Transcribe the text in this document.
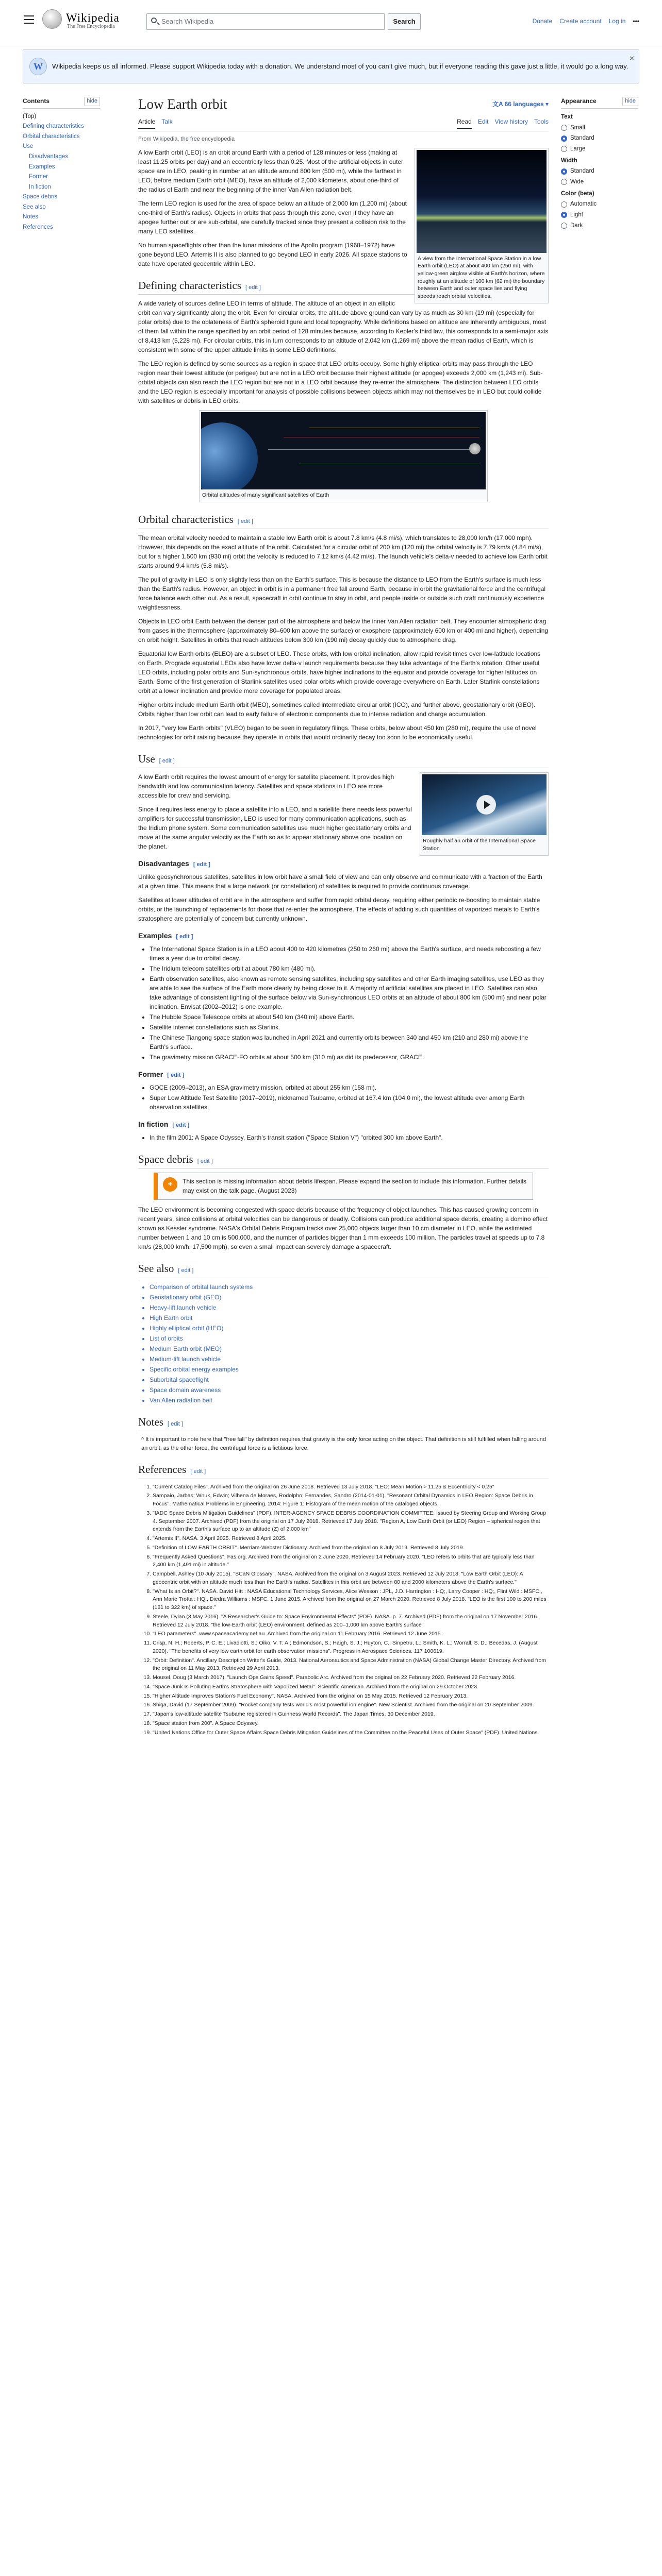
Wikipedia
The Free Encyclopedia
Search Wikipedia	Search	Donate Create account Log in •••
W	Wikipedia keeps us all informed. Please support Wikipedia today with a donation. We understand most of you can’t give much, but if everyone reading this gave just a little, it would go a long way.
✕
Contents	hide
(Top)
Defining characteristics
Orbital characteristics
Use
Disadvantages
Examples
Former
In fiction
Space debris
See also
Notes
References
Appearance	hide
Text
Small
Standard
Large
Width
Standard
Wide
Color (beta)
Automatic
Light
Dark
Low Earth orbit	文A 66 languages ▾
Article Talk	Read Edit View history Tools
From Wikipedia, the free encyclopedia
A view from the International Space Station in a low Earth orbit (LEO) at about 400 km (250 mi), with yellow-green airglow visible at Earth's horizon, where roughly at an altitude of 100 km (62 mi) the boundary between Earth and outer space lies and flying speeds reach orbital velocities.

A low Earth orbit (LEO) is an orbit around Earth with a period of 128 minutes or less (making at least 11.25 orbits per day) and an eccentricity less than 0.25. Most of the artificial objects in outer space are in LEO, peaking in number at an altitude around 800 km (500 mi), while the farthest in LEO, before medium Earth orbit (MEO), have an altitude of 2,000 kilometers, about one-third of the radius of Earth and near the beginning of the inner Van Allen radiation belt.

The term LEO region is used for the area of space below an altitude of 2,000 km (1,200 mi) (about one-third of Earth's radius). Objects in orbits that pass through this zone, even if they have an apogee further out or are sub-orbital, are carefully tracked since they present a collision risk to the many LEO satellites.

No human spaceflights other than the lunar missions of the Apollo program (1968–1972) have gone beyond LEO. Artemis II is also planned to go beyond LEO in early 2026. All space stations to date have operated geocentric within LEO.

Defining characteristics [ edit ]

A wide variety of sources define LEO in terms of altitude. The altitude of an object in an elliptic orbit can vary significantly along the orbit. Even for circular orbits, the altitude above ground can vary by as much as 30 km (19 mi) (especially for polar orbits) due to the oblateness of Earth's spheroid figure and local topography. While definitions based on altitude are inherently ambiguous, most of them fall within the range specified by an orbit period of 128 minutes because, according to Kepler's third law, this corresponds to a semi-major axis of 8,413 km (5,228 mi). For circular orbits, this in turn corresponds to an altitude of 2,042 km (1,269 mi) above the mean radius of Earth, which is consistent with some of the upper altitude limits in some LEO definitions.

The LEO region is defined by some sources as a region in space that LEO orbits occupy. Some highly elliptical orbits may pass through the LEO region near their lowest altitude (or perigee) but are not in a LEO orbit because their highest altitude (or apogee) exceeds 2,000 km (1,243 mi). Sub-orbital objects can also reach the LEO region but are not in a LEO orbit because they re-enter the atmosphere. The distinction between LEO orbits and the LEO region is especially important for analysis of possible collisions between objects which may not themselves be in LEO but could collide with satellites or debris in LEO orbits.

Orbital altitudes of many significant satellites of Earth
Orbital characteristics [ edit ]

The mean orbital velocity needed to maintain a stable low Earth orbit is about 7.8 km/s (4.8 mi/s), which translates to 28,000 km/h (17,000 mph). However, this depends on the exact altitude of the orbit. Calculated for a circular orbit of 200 km (120 mi) the orbital velocity is 7.79 km/s (4.84 mi/s), but for a higher 1,500 km (930 mi) orbit the velocity is reduced to 7.12 km/s (4.42 mi/s). The launch vehicle's delta-v needed to achieve low Earth orbit starts around 9.4 km/s (5.8 mi/s).

The pull of gravity in LEO is only slightly less than on the Earth's surface. This is because the distance to LEO from the Earth's surface is much less than the Earth's radius. However, an object in orbit is in a permanent free fall around Earth, because in orbit the gravitational force and the centrifugal force balance each other out. As a result, spacecraft in orbit continue to stay in orbit, and people inside or outside such craft continuously experience weightlessness.

Objects in LEO orbit Earth between the denser part of the atmosphere and below the inner Van Allen radiation belt. They encounter atmospheric drag from gases in the thermosphere (approximately 80–600 km above the surface) or exosphere (approximately 600 km or 400 mi and higher), depending on orbit height. Satellites in orbits that reach altitudes below 300 km (190 mi) decay quickly due to atmospheric drag.

Equatorial low Earth orbits (ELEO) are a subset of LEO. These orbits, with low orbital inclination, allow rapid revisit times over low-latitude locations on Earth. Prograde equatorial LEOs also have lower delta-v launch requirements because they take advantage of the Earth's rotation. Other useful LEO orbits, including polar orbits and Sun-synchronous orbits, have higher inclinations to the equator and provide coverage for higher latitudes on Earth. Some of the first generation of Starlink satellites used polar orbits which provide coverage everywhere on Earth. Later Starlink constellations orbit at a lower inclination and provide more coverage for populated areas.

Higher orbits include medium Earth orbit (MEO), sometimes called intermediate circular orbit (ICO), and further above, geostationary orbit (GEO). Orbits higher than low orbit can lead to early failure of electronic components due to intense radiation and charge accumulation.

In 2017, "very low Earth orbits" (VLEO) began to be seen in regulatory filings. These orbits, below about 450 km (280 mi), require the use of novel technologies for orbit raising because they operate in orbits that would ordinarily decay too soon to be economically useful.

Use [ edit ]
Roughly half an orbit of the International Space Station

A low Earth orbit requires the lowest amount of energy for satellite placement. It provides high bandwidth and low communication latency. Satellites and space stations in LEO are more accessible for crew and servicing.

Since it requires less energy to place a satellite into a LEO, and a satellite there needs less powerful amplifiers for successful transmission, LEO is used for many communication applications, such as the Iridium phone system. Some communication satellites use much higher geostationary orbits and move at the same angular velocity as the Earth so as to appear stationary above one location on the planet.

Disadvantages [ edit ]

Unlike geosynchronous satellites, satellites in low orbit have a small field of view and can only observe and communicate with a fraction of the Earth at a given time. This means that a large network (or constellation) of satellites is required to provide continuous coverage.

Satellites at lower altitudes of orbit are in the atmosphere and suffer from rapid orbital decay, requiring either periodic re-boosting to maintain stable orbits, or the launching of replacements for those that re-enter the atmosphere. The effects of adding such quantities of vaporized metals to Earth's stratosphere are potentially of concern but currently unknown.

Examples [ edit ]
• The International Space Station is in a LEO about 400 to 420 kilometres (250 to 260 mi) above the Earth's surface, and needs reboosting a few times a year due to orbital decay.
• The Iridium telecom satellites orbit at about 780 km (480 mi).
• Earth observation satellites, also known as remote sensing satellites, including spy satellites and other Earth imaging satellites, use LEO as they are able to see the surface of the Earth more clearly by being closer to it. A majority of artificial satellites are placed in LEO. Satellites can also take advantage of consistent lighting of the surface below via Sun-synchronous LEO orbits at an altitude of about 800 km (500 mi) and near polar inclination. Envisat (2002–2012) is one example.
• The Hubble Space Telescope orbits at about 540 km (340 mi) above Earth.
• Satellite internet constellations such as Starlink.
• The Chinese Tiangong space station was launched in April 2021 and currently orbits between 340 and 450 km (210 and 280 mi) above the Earth's surface.
• The gravimetry mission GRACE-FO orbits at about 500 km (310 mi) as did its predecessor, GRACE.
Former [ edit ]
• GOCE (2009–2013), an ESA gravimetry mission, orbited at about 255 km (158 mi).
• Super Low Altitude Test Satellite (2017–2019), nicknamed Tsubame, orbited at 167.4 km (104.0 mi), the lowest altitude ever among Earth observation satellites.
In fiction [ edit ]
• In the film 2001: A Space Odyssey, Earth's transit station ("Space Station V") "orbited 300 km above Earth".
Space debris [ edit ]
+	This section is missing information about debris lifespan. Please expand the section to include this information. Further details may exist on the talk page. (August 2023)

The LEO environment is becoming congested with space debris because of the frequency of object launches. This has caused growing concern in recent years, since collisions at orbital velocities can be dangerous or deadly. Collisions can produce additional space debris, creating a domino effect known as Kessler syndrome. NASA's Orbital Debris Program tracks over 25,000 objects larger than 10 cm diameter in LEO, while the estimated number between 1 and 10 cm is 500,000, and the number of particles bigger than 1 mm exceeds 100 million. The particles travel at speeds up to 7.8 km/s (28,000 km/h; 17,500 mph), so even a small impact can severely damage a spacecraft.

See also [ edit ]
• Comparison of orbital launch systems
• Geostationary orbit (GEO)
• Heavy-lift launch vehicle
• High Earth orbit
• Highly elliptical orbit (HEO)
• List of orbits
• Medium Earth orbit (MEO)
• Medium-lift launch vehicle
• Specific orbital energy examples
• Suborbital spaceflight
• Space domain awareness
• Van Allen radiation belt
Notes [ edit ]
^ It is important to note here that "free fall" by definition requires that gravity is the only force acting on the object. That definition is still fulfilled when falling around an orbit, as the other force, the centrifugal force is a fictitious force.
References [ edit ]
1. "Current Catalog Files". Archived from the original on 26 June 2018. Retrieved 13 July 2018. "LEO: Mean Motion > 11.25 & Eccentricity < 0.25"
2. Sampaio, Jarbas; Wnuk, Edwin; Vilhena de Moraes, Rodolpho; Fernandes, Sandro (2014-01-01). "Resonant Orbital Dynamics in LEO Region: Space Debris in Focus". Mathematical Problems in Engineering. 2014: Figure 1: Histogram of the mean motion of the cataloged objects.
3. "IADC Space Debris Mitigation Guidelines" (PDF). INTER-AGENCY SPACE DEBRIS COORDINATION COMMITTEE: Issued by Steering Group and Working Group 4. September 2007. Archived (PDF) from the original on 17 July 2018. Retrieved 17 July 2018. "Region A, Low Earth Orbit (or LEO) Region – spherical region that extends from the Earth's surface up to an altitude (Z) of 2,000 km"
4. "Artemis II". NASA. 3 April 2025. Retrieved 8 April 2025.
5. "Definition of LOW EARTH ORBIT". Merriam-Webster Dictionary. Archived from the original on 8 July 2019. Retrieved 8 July 2019.
6. "Frequently Asked Questions". Fas.org. Archived from the original on 2 June 2020. Retrieved 14 February 2020. "LEO refers to orbits that are typically less than 2,400 km (1,491 mi) in altitude."
7. Campbell, Ashley (10 July 2015). "SCaN Glossary". NASA. Archived from the original on 3 August 2023. Retrieved 12 July 2018. "Low Earth Orbit (LEO): A geocentric orbit with an altitude much less than the Earth's radius. Satellites in this orbit are between 80 and 2000 kilometers above the Earth's surface."
8. "What Is an Orbit?". NASA. David Hitt : NASA Educational Technology Services, Alice Wesson : JPL, J.D. Harrington : HQ;, Larry Cooper : HQ;, Flint Wild : MSFC;, Ann Marie Trotta : HQ;, Diedra Williams : MSFC. 1 June 2015. Archived from the original on 27 March 2020. Retrieved 8 July 2018. "LEO is the first 100 to 200 miles (161 to 322 km) of space."
9. Steele, Dylan (3 May 2016). "A Researcher's Guide to: Space Environmental Effects" (PDF). NASA. p. 7. Archived (PDF) from the original on 17 November 2016. Retrieved 12 July 2018. "the low-Earth orbit (LEO) environment, defined as 200–1,000 km above Earth's surface"
10. "LEO parameters". www.spaceacademy.net.au. Archived from the original on 11 February 2016. Retrieved 12 June 2015.
11. Crisp, N. H.; Roberts, P. C. E.; Livadiotti, S.; Oiko, V. T. A.; Edmondson, S.; Haigh, S. J.; Huyton, C.; Sinpetru, L.; Smith, K. L.; Worrall, S. D.; Becedas, J. (August 2020). "The benefits of very low earth orbit for earth observation missions". Progress in Aerospace Sciences. 117 100619.
12. "Orbit: Definition". Ancillary Description Writer's Guide, 2013. National Aeronautics and Space Administration (NASA) Global Change Master Directory. Archived from the original on 11 May 2013. Retrieved 29 April 2013.
13. Mousel, Doug (3 March 2017). "Launch Ops Gains Speed". Parabolic Arc. Archived from the original on 22 February 2020. Retrieved 22 February 2016.
14. "Space Junk Is Polluting Earth's Stratosphere with Vaporized Metal". Scientific American. Archived from the original on 29 October 2023.
15. "Higher Altitude Improves Station's Fuel Economy". NASA. Archived from the original on 15 May 2015. Retrieved 12 February 2013.
16. Shiga, David (17 September 2009). "Rocket company tests world's most powerful ion engine". New Scientist. Archived from the original on 20 September 2009.
17. "Japan's low-altitude satellite Tsubame registered in Guinness World Records". The Japan Times. 30 December 2019.
18. "Space station from 200". A Space Odyssey.
19. "United Nations Office for Outer Space Affairs Space Debris Mitigation Guidelines of the Committee on the Peaceful Uses of Outer Space" (PDF). United Nations.
